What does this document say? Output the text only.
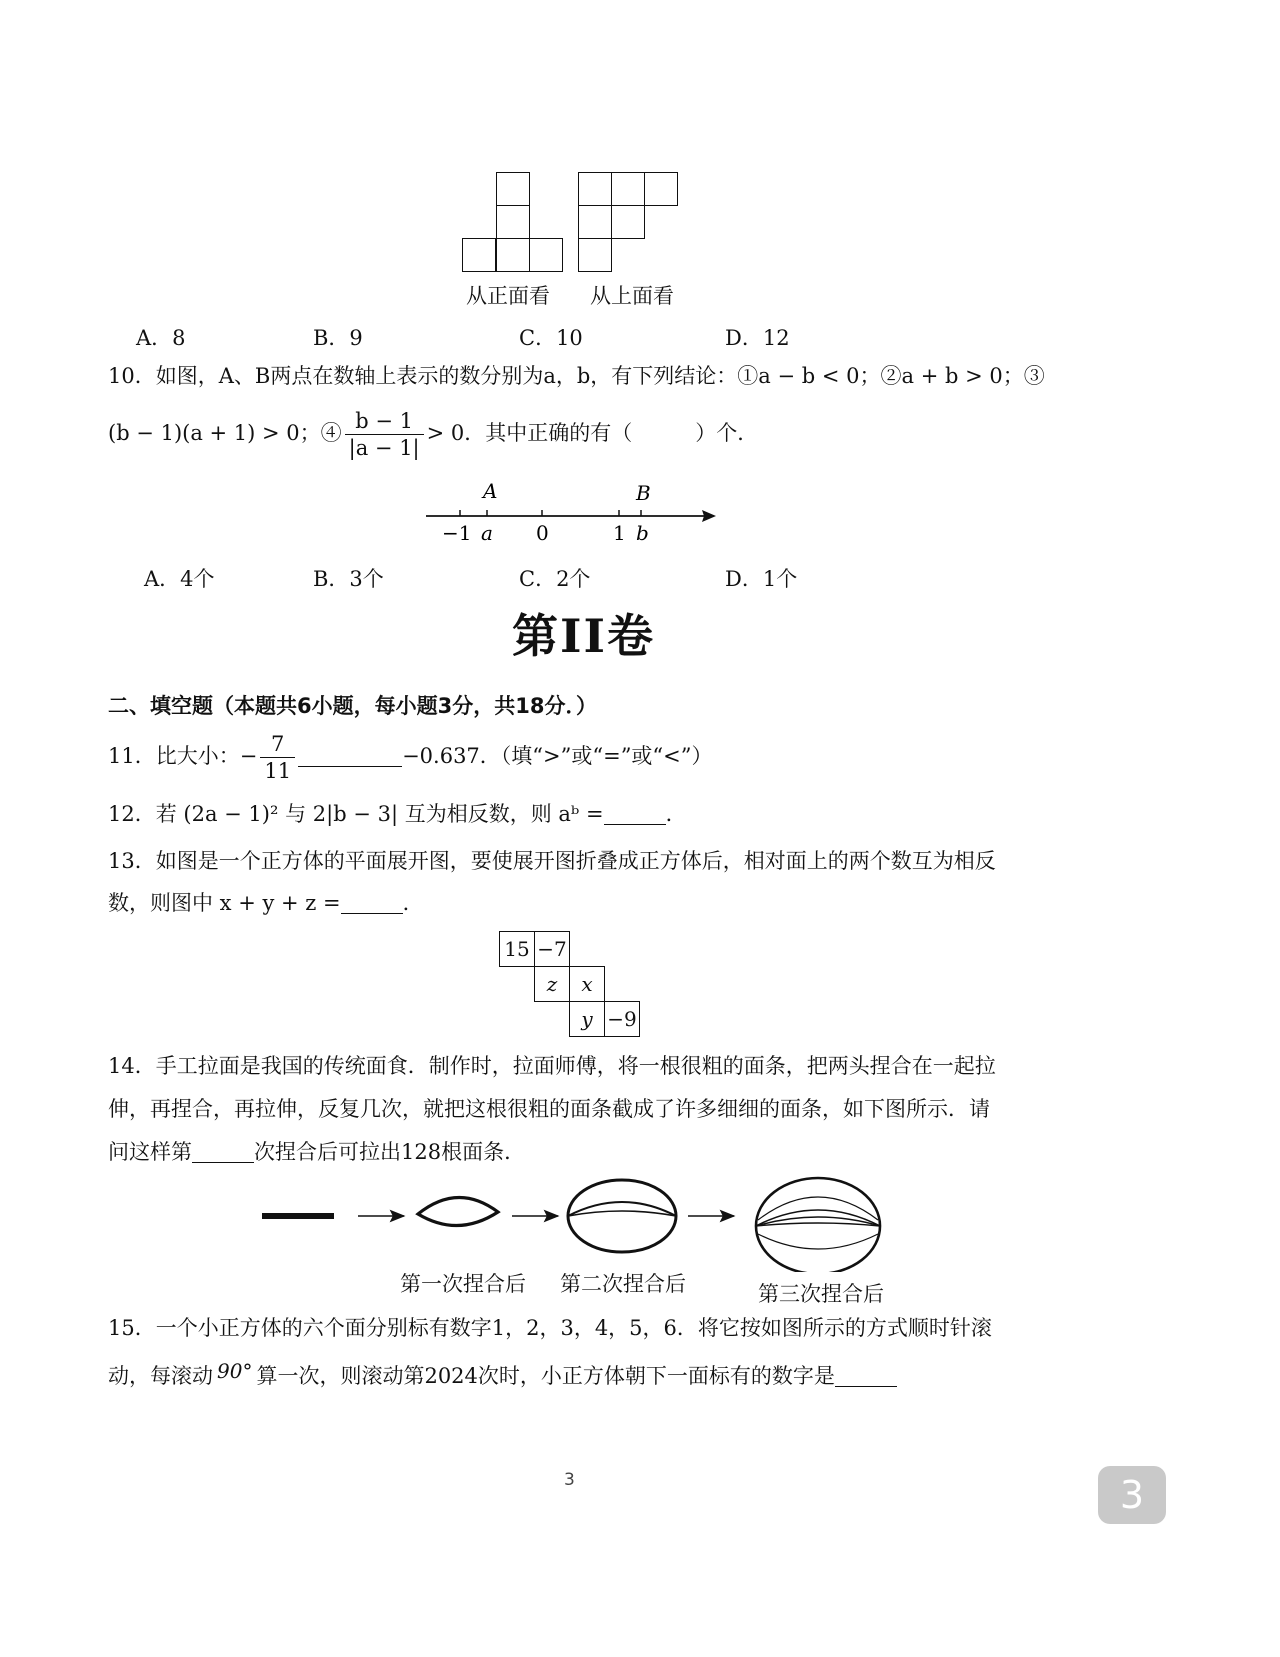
从正面看 从上面看
A．8	B．9	C．10	D．12
10．如图，A、B两点在数轴上表示的数分别为a，b，有下列结论：①a − b < 0；②a + b > 0；③
(b − 1)(a + 1) > 0；④ $\frac{b - 1}{|a - 1|} > 0$．其中正确的有（　　　）个．
A	B
−1 a 0	1 b
A．4个	B．3个	C．2个	D．1个
第II卷
二、填空题（本题共6小题，每小题3分，共18分．）
11．比大小：− $\frac{7}{11}$	−0.637．（填“>”或“=”或“<”）
12．若 (2a − 1)² 与 2|b − 3| 互为相反数，则 aᵇ =	．
13．如图是一个正方体的平面展开图，要使展开图折叠成正方体后，相对面上的两个数互为相反
数，则图中 x + y + z =	．
15 −7
z	x
y −9
14．手工拉面是我国的传统面食．制作时，拉面师傅，将一根很粗的面条，把两头捏合在一起拉
伸，再捏合，再拉伸，反复几次，就把这根很粗的面条截成了许多细细的面条，如下图所示．请
问这样第	次捏合后可拉出128根面条．
第一次捏合后 第二次捏合后	第三次捏合后
15．一个小正方体的六个面分别标有数字1，2，3，4，5，6．将它按如图所示的方式顺时针滚
动，每滚动 90° 算一次，则滚动第2024次时，小正方体朝下一面标有的数字是
3	3
